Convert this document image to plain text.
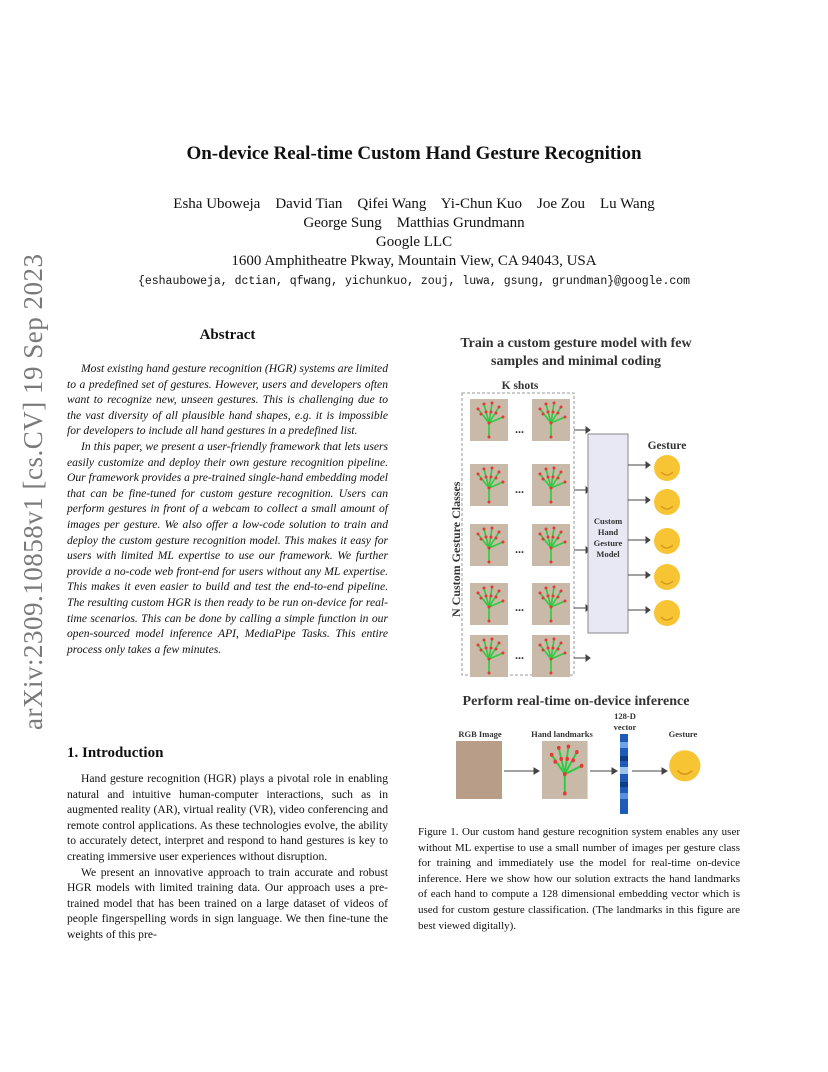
arXiv:2309.10858v1 [cs.CV] 19 Sep 2023
On-device Real-time Custom Hand Gesture Recognition
Esha Uboweja    David Tian    Qifei Wang    Yi-Chun Kuo    Joe Zou    Lu Wang
George Sung    Matthias Grundmann
Google LLC
1600 Amphitheatre Pkway, Mountain View, CA 94043, USA
{eshauboweja, dctian, qfwang, yichunkuo, zouj, luwa, gsung, grundman}@google.com
Abstract

Most existing hand gesture recognition (HGR) systems are limited to a predefined set of gestures. However, users and developers often want to recognize new, unseen gestures. This is challenging due to the vast diversity of all plausible hand shapes, e.g. it is impossible for developers to include all hand gestures in a predefined list.

In this paper, we present a user-friendly framework that lets users easily customize and deploy their own gesture recognition pipeline. Our framework provides a pre-trained single-hand embedding model that can be fine-tuned for custom gesture recognition. Users can perform gestures in front of a webcam to collect a small amount of images per gesture. We also offer a low-code solution to train and deploy the custom gesture recognition model. This makes it easy for users with limited ML expertise to use our framework. We further provide a no-code web front-end for users without any ML expertise. This makes it even easier to build and test the end-to-end pipeline. The resulting custom HGR is then ready to be run on-device for real-time scenarios. This can be done by calling a simple function in our open-sourced model inference API, MediaPipe Tasks. This entire process only takes a few minutes.

1. Introduction

Hand gesture recognition (HGR) plays a pivotal role in enabling natural and intuitive human-computer interactions, such as in augmented reality (AR), virtual reality (VR), video conferencing and remote control applications. As these technologies evolve, the ability to accurately detect, interpret and respond to hand gestures is key to creating immersive user experiences without disruption.

We present an innovative approach to train accurate and robust HGR models with limited training data. Our approach uses a pre-trained model that has been trained on a large dataset of videos of people fingerspelling words in sign language. We then fine-tune the weights of this pre-

Train a custom gesture model with few
samples and minimal coding
K shots
N Custom Gesture Classes
...
...
...
...
...
Custom
Hand
Gesture
Model
Gesture
Perform real-time on-device inference
RGB Image	Hand landmarks
128-D
vector
Gesture
Figure 1. Our custom hand gesture recognition system enables any user without ML expertise to use a small number of images per gesture class for training and immediately use the model for real-time on-device inference. Here we show how our solution extracts the hand landmarks of each hand to compute a 128 dimensional embedding vector which is used for custom gesture classification. (The landmarks in this figure are best viewed digitally).
